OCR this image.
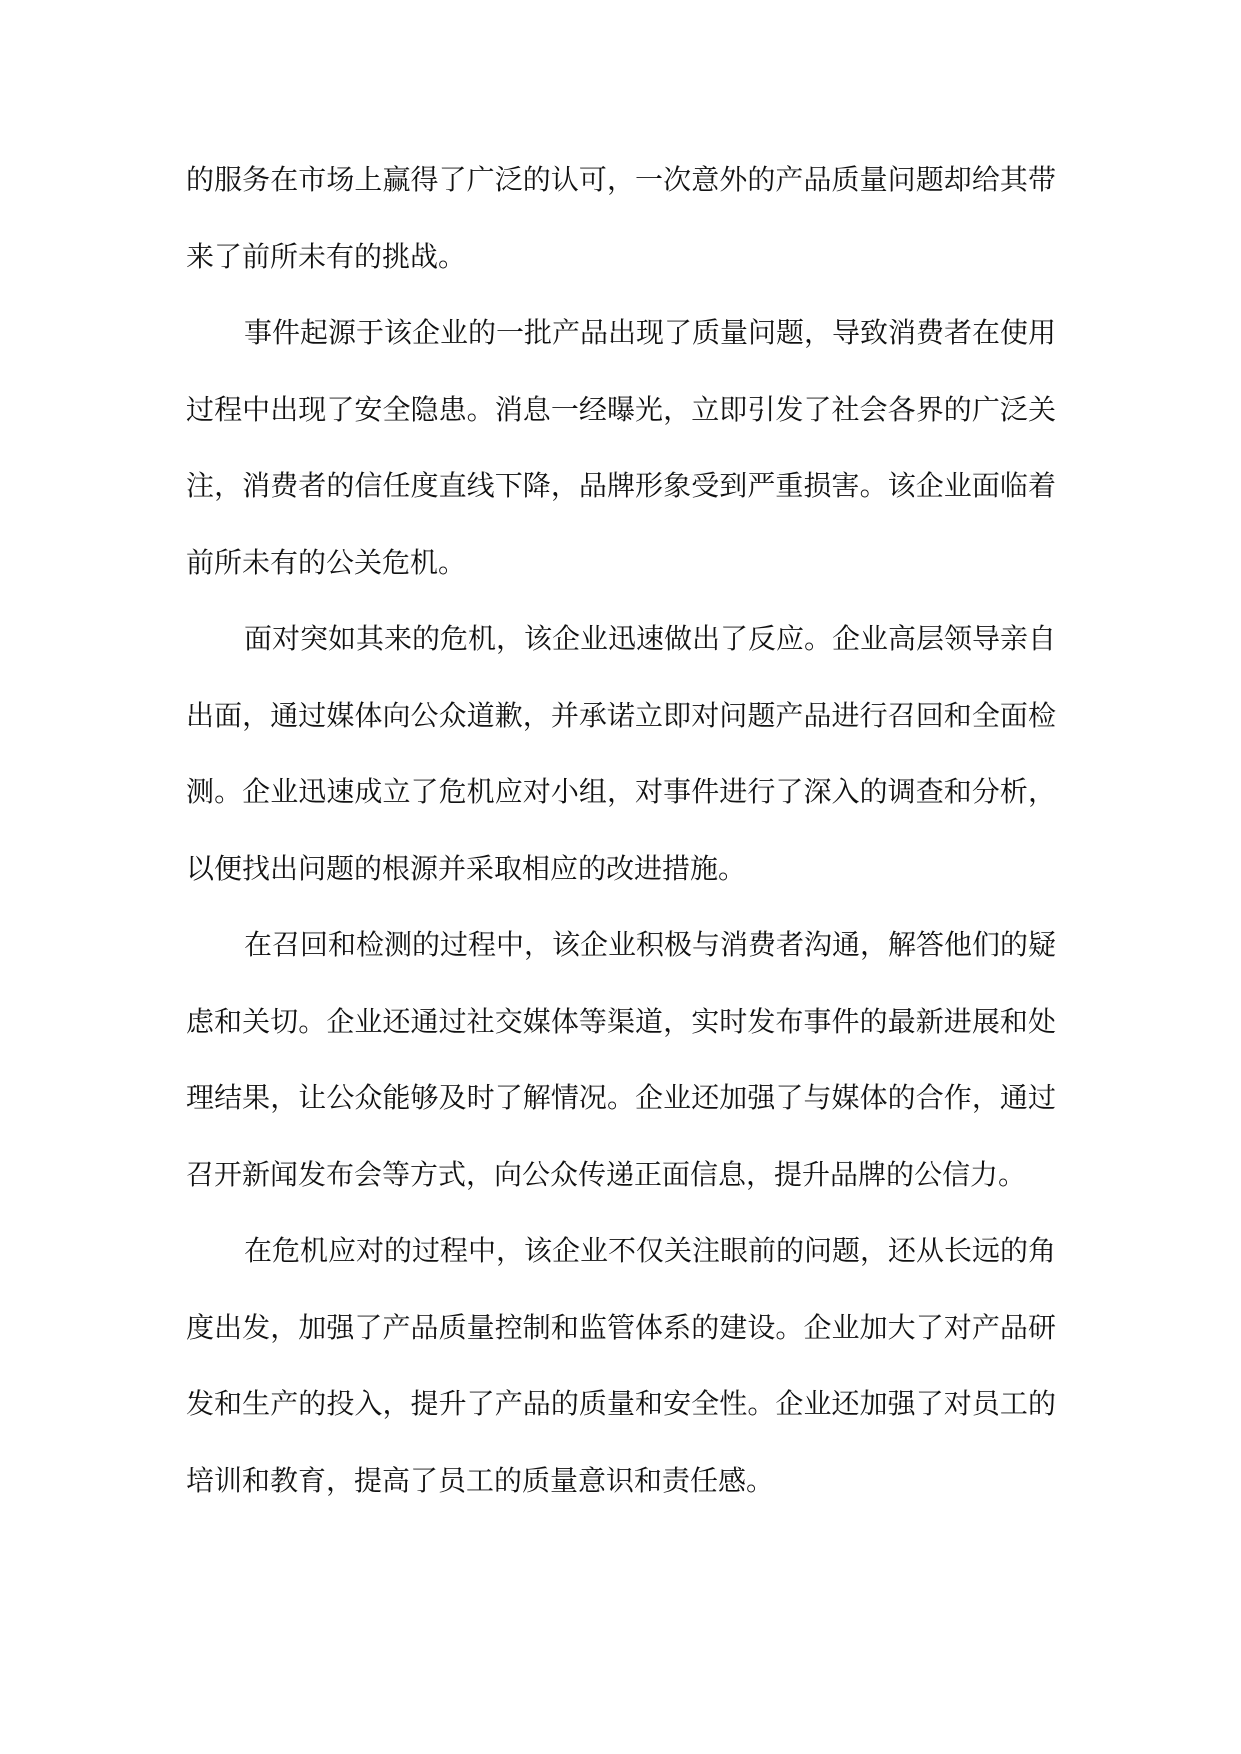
的服务在市场上赢得了广泛的认可，一次意外的产品质量问题却给其带来了前所未有的挑战。

事件起源于该企业的一批产品出现了质量问题，导致消费者在使用过程中出现了安全隐患。消息一经曝光，立即引发了社会各界的广泛关注，消费者的信任度直线下降，品牌形象受到严重损害。该企业面临着前所未有的公关危机。

面对突如其来的危机，该企业迅速做出了反应。企业高层领导亲自出面，通过媒体向公众道歉，并承诺立即对问题产品进行召回和全面检测。企业迅速成立了危机应对小组，对事件进行了深入的调查和分析，以便找出问题的根源并采取相应的改进措施。

在召回和检测的过程中，该企业积极与消费者沟通，解答他们的疑虑和关切。企业还通过社交媒体等渠道，实时发布事件的最新进展和处理结果，让公众能够及时了解情况。企业还加强了与媒体的合作，通过召开新闻发布会等方式，向公众传递正面信息，提升品牌的公信力。

在危机应对的过程中，该企业不仅关注眼前的问题，还从长远的角度出发，加强了产品质量控制和监管体系的建设。企业加大了对产品研发和生产的投入，提升了产品的质量和安全性。企业还加强了对员工的培训和教育，提高了员工的质量意识和责任感。
